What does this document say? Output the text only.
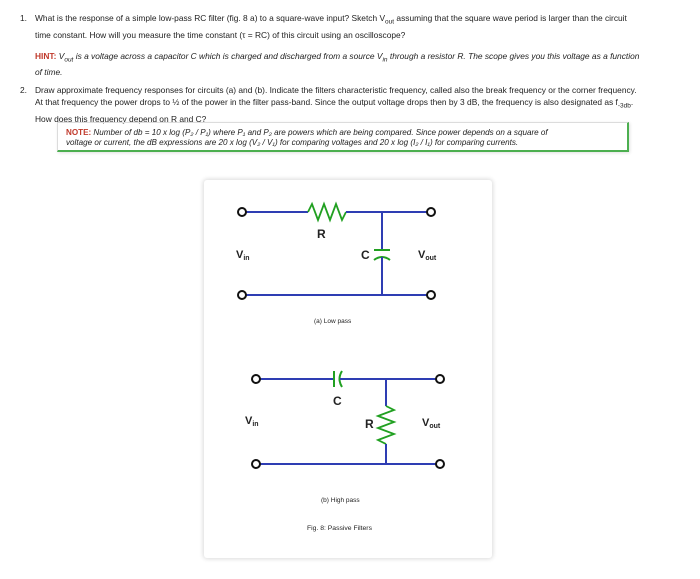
1. What is the response of a simple low-pass RC filter (fig. 8 a) to a square-wave input? Sketch $V_{out}$ assuming that the square wave period is larger than the circuit
time constant. How will you measure the time constant (τ = RC) of this circuit using an oscilloscope?
HINT: $V_{out}$ is a voltage across a capacitor C which is charged and discharged from a source $V_{in}$ through a resistor R. The scope gives you this voltage as a function
of time.
2. Draw approximate frequency responses for circuits (a) and (b). Indicate the filters characteristic frequency, called also the break frequency or the corner frequency.
At that frequency the power drops to ½ of the power in the filter pass-band. Since the output voltage drops then by 3 dB, the frequency is also designated as $f_{-3db}$.
How does this frequency depend on R and C?
NOTE: Number of db = 10 x log (P₂ / P₁) where P₁ and P₂ are powers which are being compared. Since power depends on a square of
voltage or current, the dB expressions are 20 x log (V₂ / V₁) for comparing voltages and 20 x log (I₂ / I₁) for comparing currents.
R
C
Vin	Vout
(a) Low pass
C
R
Vin	Vout
(b) High pass
Fig. 8: Passive Filters
